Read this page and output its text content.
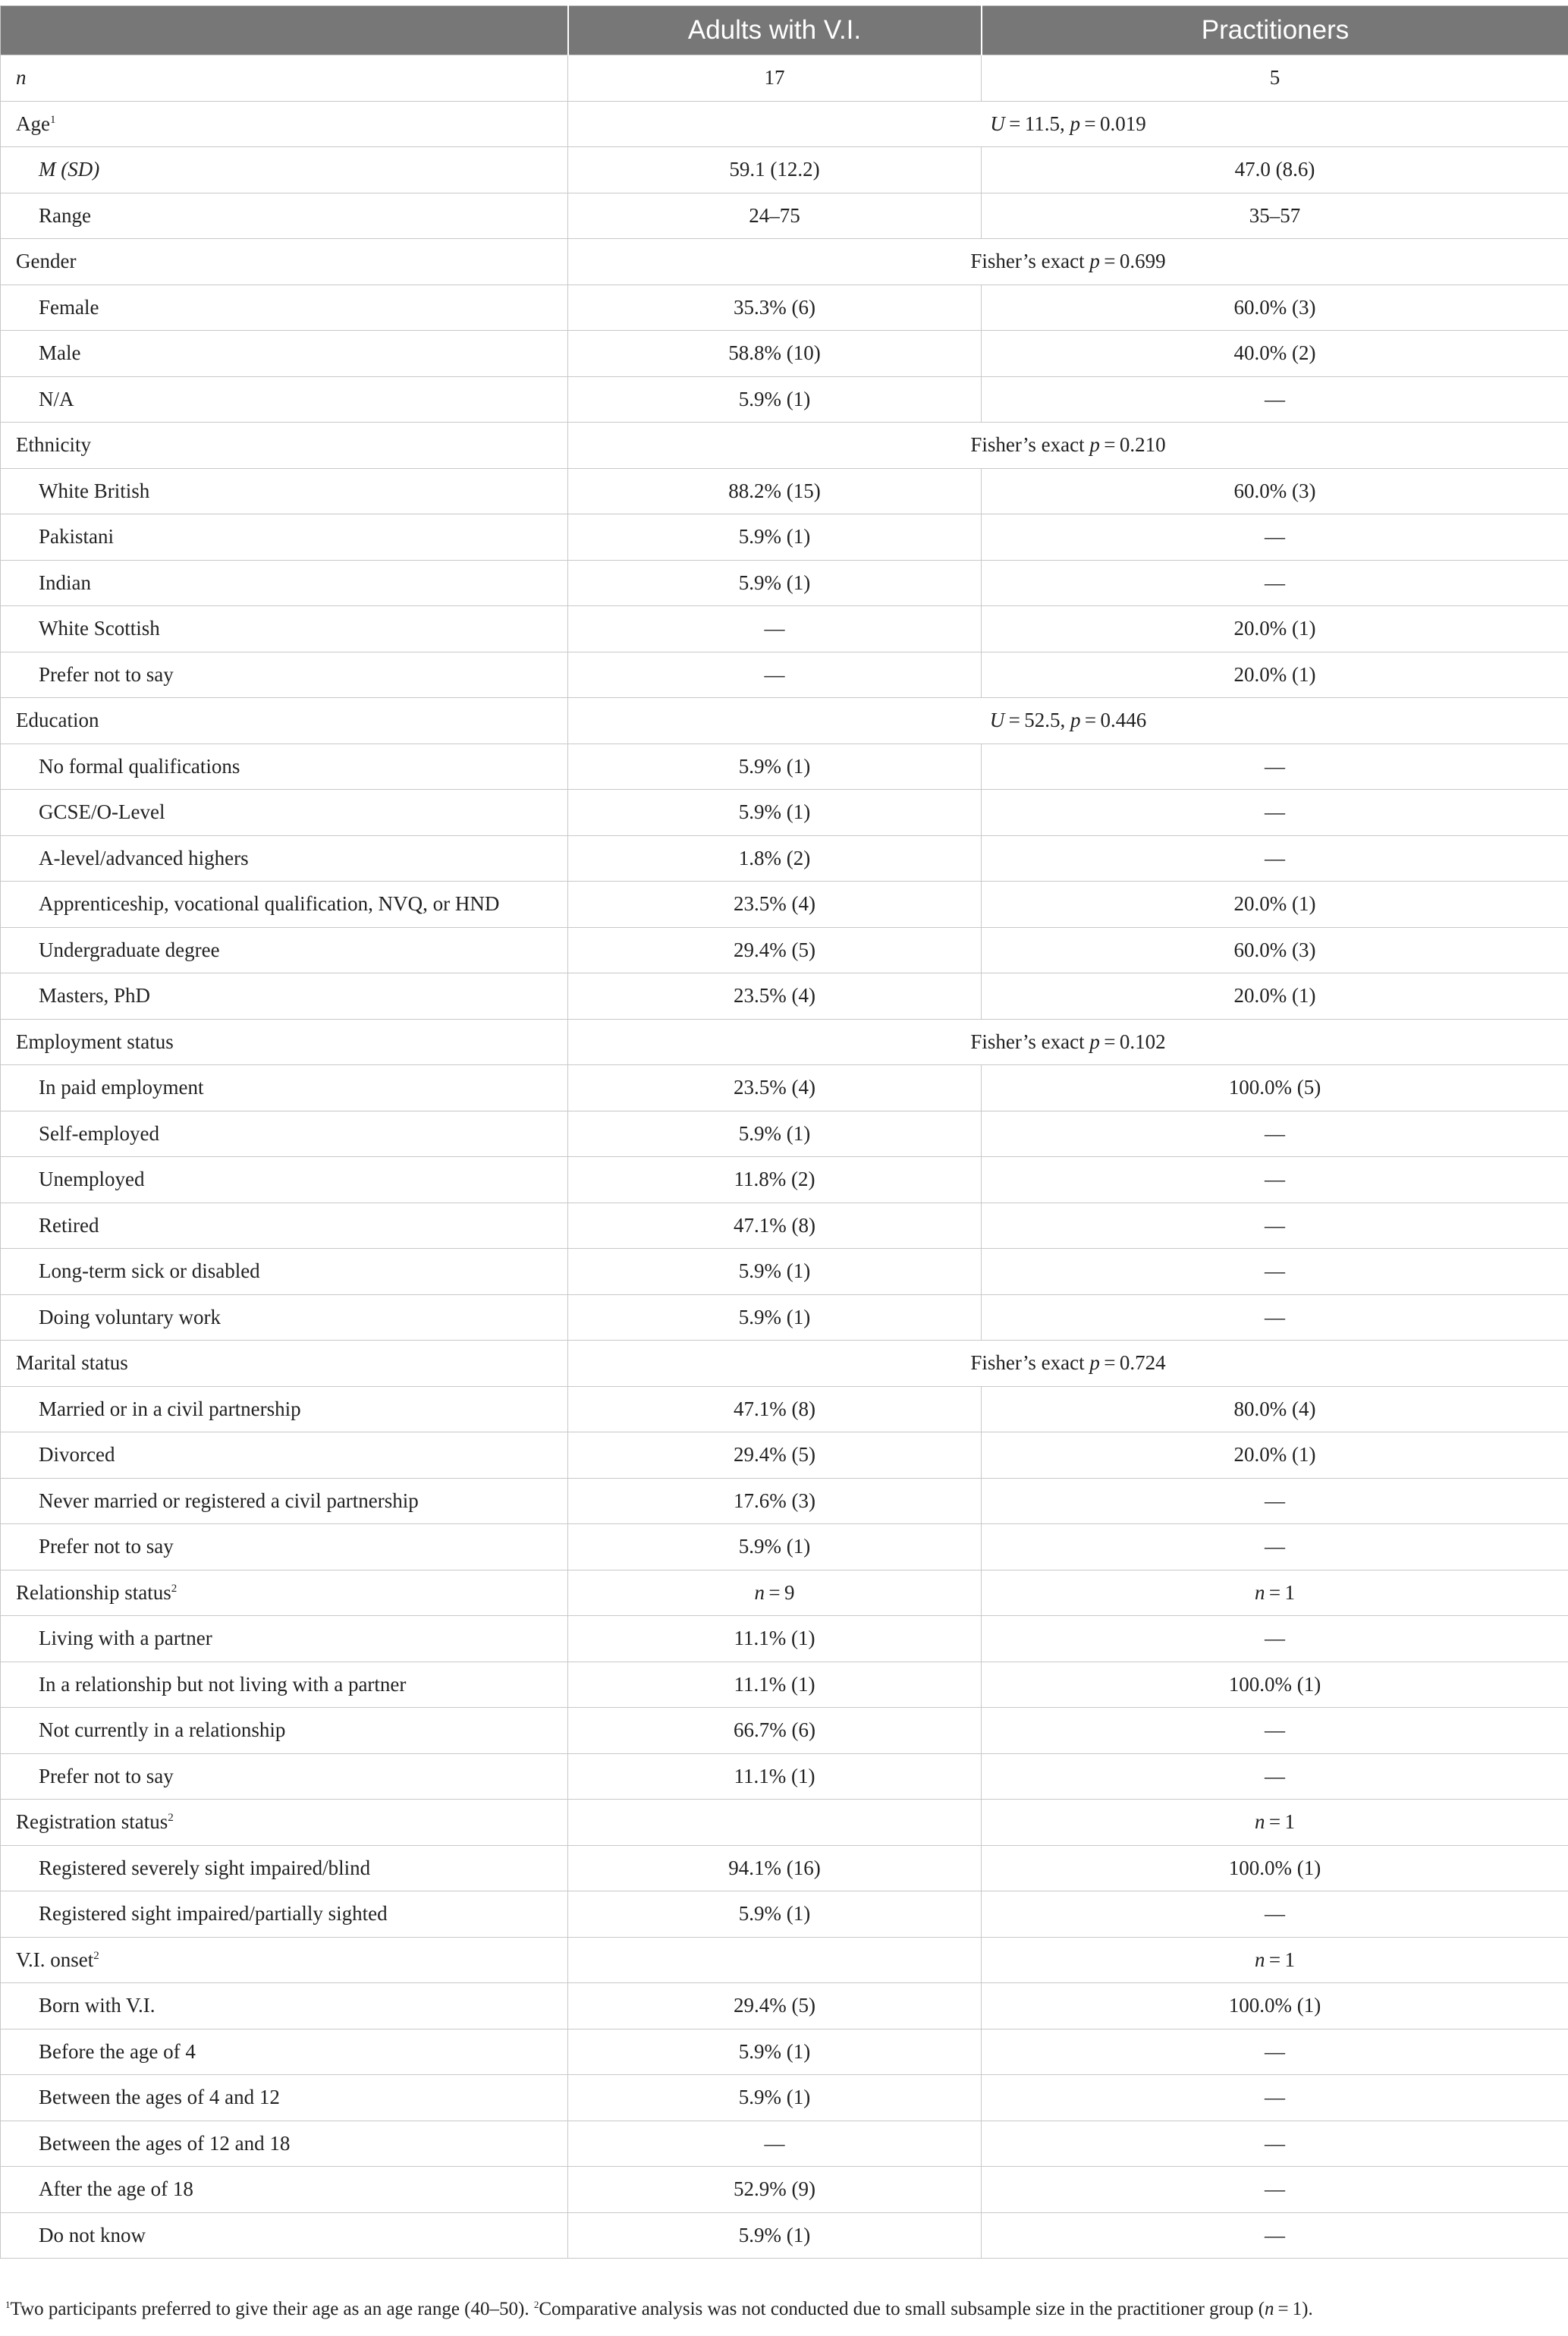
	Adults with V.I.	Practitioners
n	17	5
Age$^1$	U = 11.5, p = 0.019	
M (SD)	59.1 (12.2)	47.0 (8.6)
Range	24–75	35–57
Gender	Fisher’s exact p = 0.699	
Female	35.3% (6)	60.0% (3)
Male	58.8% (10)	40.0% (2)
N/A	5.9% (1)	—
Ethnicity	Fisher’s exact p = 0.210	
White British	88.2% (15)	60.0% (3)
Pakistani	5.9% (1)	—
Indian	5.9% (1)	—
White Scottish	—	20.0% (1)
Prefer not to say	—	20.0% (1)
Education	U = 52.5, p = 0.446	
No formal qualifications	5.9% (1)	—
GCSE/O-Level	5.9% (1)	—
A-level/advanced highers	1.8% (2)	—
Apprenticeship, vocational qualification, NVQ, or HND	23.5% (4)	20.0% (1)
Undergraduate degree	29.4% (5)	60.0% (3)
Masters, PhD	23.5% (4)	20.0% (1)
Employment status	Fisher’s exact p = 0.102	
In paid employment	23.5% (4)	100.0% (5)
Self-employed	5.9% (1)	—
Unemployed	11.8% (2)	—
Retired	47.1% (8)	—
Long-term sick or disabled	5.9% (1)	—
Doing voluntary work	5.9% (1)	—
Marital status	Fisher’s exact p = 0.724	
Married or in a civil partnership	47.1% (8)	80.0% (4)
Divorced	29.4% (5)	20.0% (1)
Never married or registered a civil partnership	17.6% (3)	—
Prefer not to say	5.9% (1)	—
Relationship status$^2$	n = 9	n = 1
Living with a partner	11.1% (1)	—
In a relationship but not living with a partner	11.1% (1)	100.0% (1)
Not currently in a relationship	66.7% (6)	—
Prefer not to say	11.1% (1)	—
Registration status$^2$		n = 1
Registered severely sight impaired/blind	94.1% (16)	100.0% (1)
Registered sight impaired/partially sighted	5.9% (1)	—
V.I. onset$^2$		n = 1
Born with V.I.	29.4% (5)	100.0% (1)
Before the age of 4	5.9% (1)	—
Between the ages of 4 and 12	5.9% (1)	—
Between the ages of 12 and 18	—	—
After the age of 18	52.9% (9)	—
Do not know	5.9% (1)	—
$^1$Two participants preferred to give their age as an age range (40–50). $^2$Comparative analysis was not conducted due to small subsample size in the practitioner group (n = 1).
